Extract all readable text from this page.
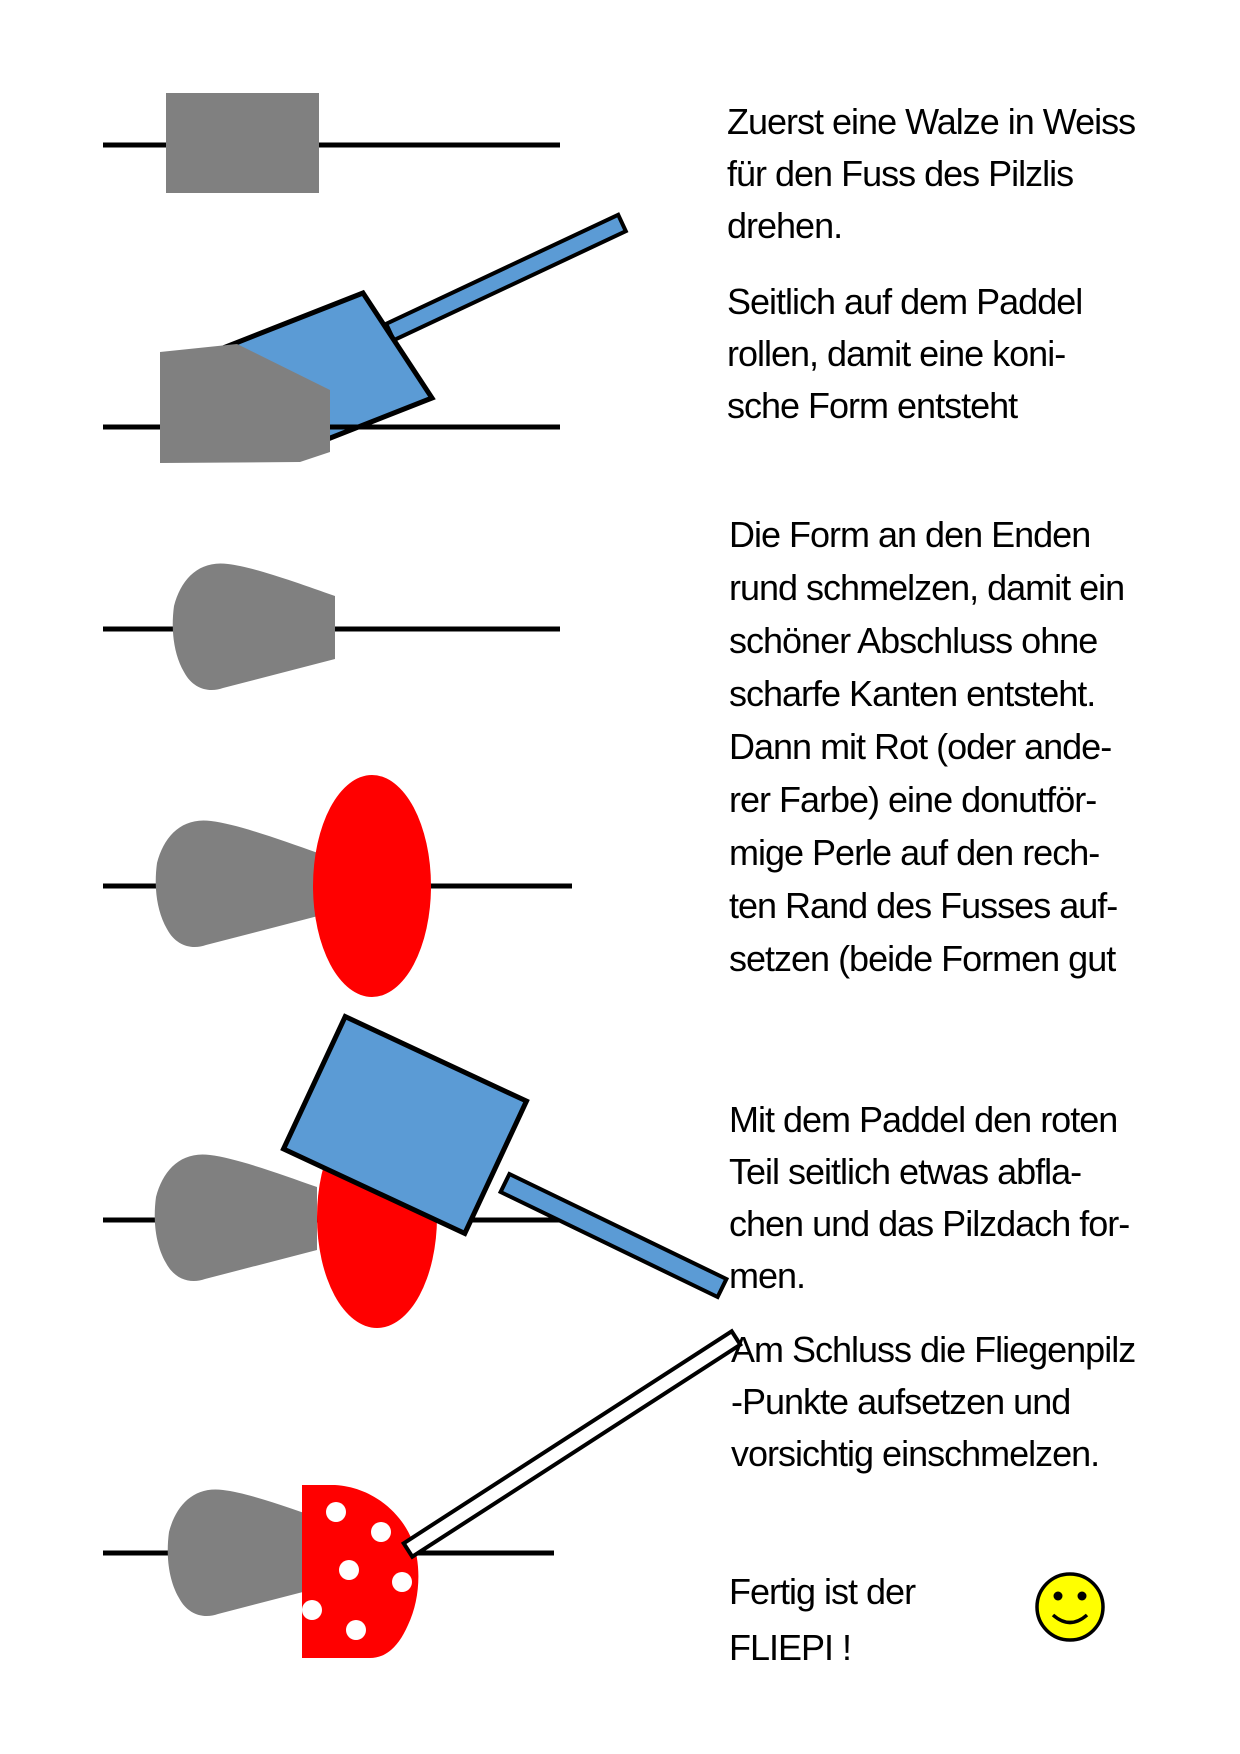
Zuerst eine Walze in Weiss
für den Fuss des Pilzlis
drehen.
Seitlich auf dem Paddel
rollen, damit eine koni-
sche Form entsteht
Die Form an den Enden
rund schmelzen, damit ein
schöner Abschluss ohne
scharfe Kanten entsteht.
Dann mit Rot (oder ande-
rer Farbe) eine donutför-
mige Perle auf den rech-
ten Rand des Fusses auf-
setzen (beide Formen gut
Mit dem Paddel den roten
Teil seitlich etwas abfla-
chen und das Pilzdach for-
men.
Am Schluss die Fliegenpilz
-Punkte aufsetzen und
vorsichtig einschmelzen.
Fertig ist der
FLIEPI !
